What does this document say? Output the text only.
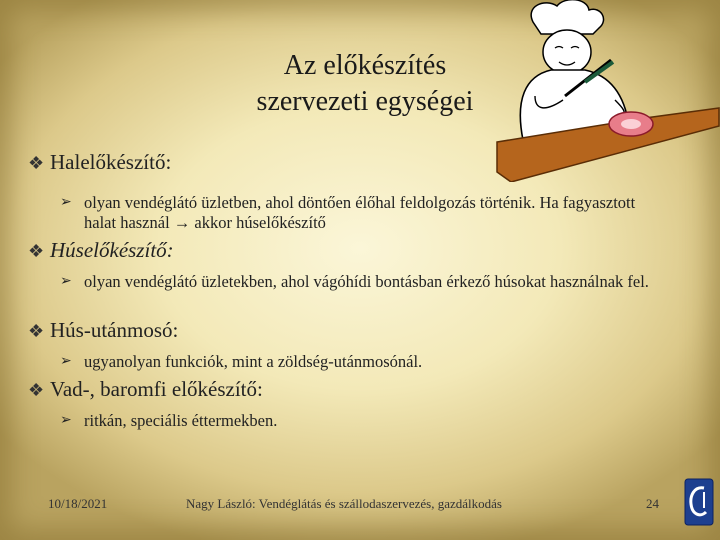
Az előkészítés
szervezeti egységei
❖ Halelőkészítő:
➢ olyan vendéglátó üzletben, ahol döntően élőhal feldolgozás történik. Ha fagyasztott halat használ → akkor húselőkészítő
❖ Húselőkészítő:
➢ olyan vendéglátó üzletekben, ahol vágóhídi bontásban érkező húsokat használnak fel.
❖ Hús-utánmosó:
➢ ugyanolyan funkciók, mint a zöldség-utánmosónál.
❖ Vad-, baromfi előkészítő:
➢ ritkán, speciális éttermekben.
10/18/2021	Nagy László: Vendéglátás és szállodaszervezés, gazdálkodás	24
